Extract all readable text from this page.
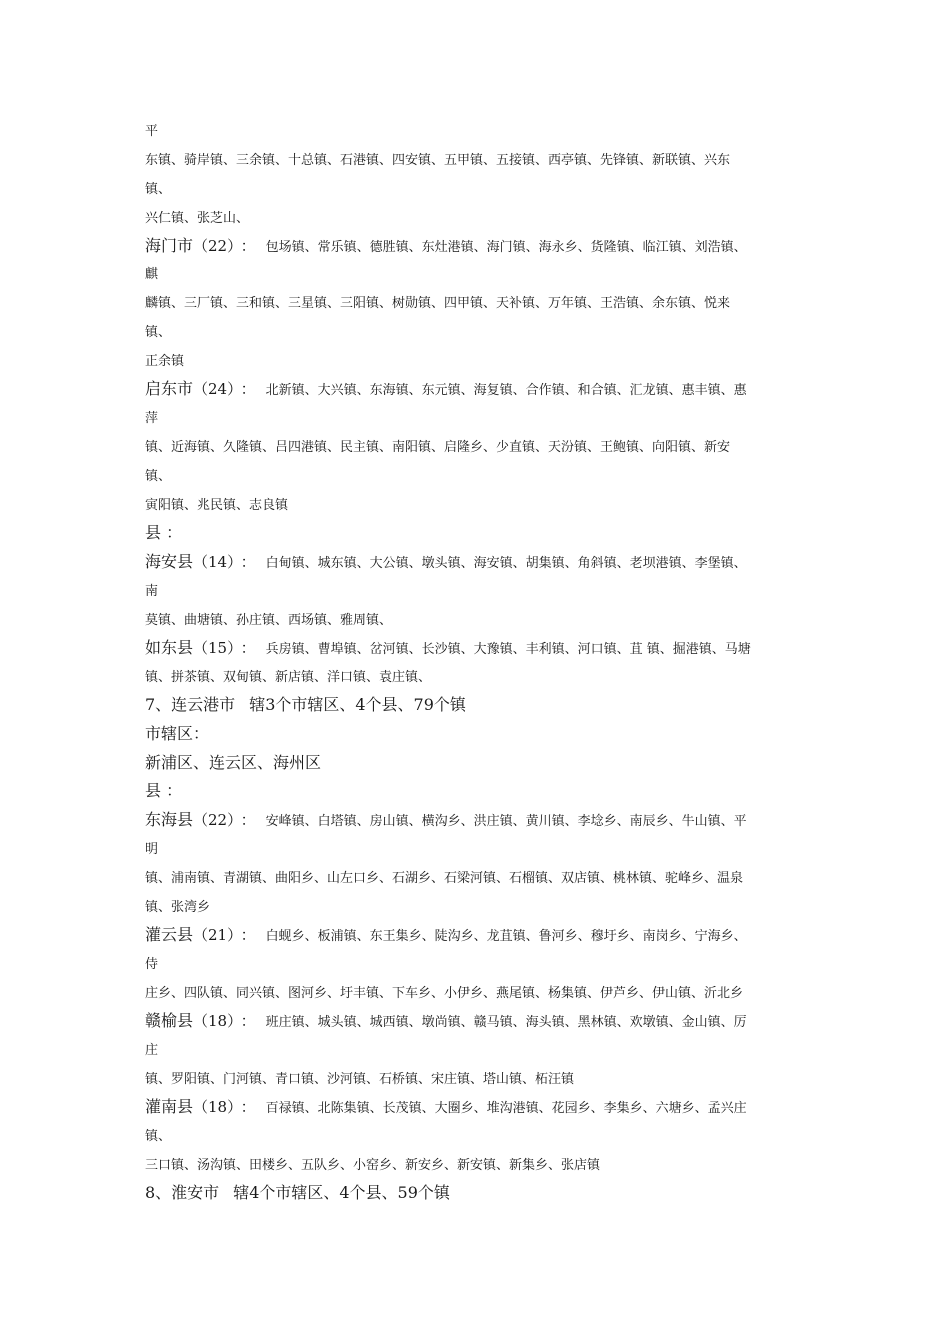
平
东镇、骑岸镇、三余镇、十总镇、石港镇、四安镇、五甲镇、五接镇、西亭镇、先锋镇、新联镇、兴东
镇、
兴仁镇、张芝山、
海门市（22） ： 包场镇、常乐镇、德胜镇、东灶港镇、海门镇、海永乡、货隆镇、临江镇、刘浩镇、
麒
麟镇、三厂镇、三和镇、三星镇、三阳镇、树勋镇、四甲镇、天补镇、万年镇、王浩镇、余东镇、悦来
镇、
正余镇
启东市（24） ： 北新镇、大兴镇、东海镇、东元镇、海复镇、合作镇、和合镇、汇龙镇、惠丰镇、惠
萍
镇、近海镇、久隆镇、吕四港镇、民主镇、南阳镇、启隆乡、少直镇、天汾镇、王鲍镇、向阳镇、新安
镇、
寅阳镇、兆民镇、志良镇
县 ：
海安县（14） ： 白甸镇、城东镇、大公镇、墩头镇、海安镇、胡集镇、角斜镇、老坝港镇、李堡镇、
南
莫镇、曲塘镇、孙庄镇、西场镇、雅周镇、
如东县（15） ： 兵房镇、曹埠镇、岔河镇、长沙镇、大豫镇、丰利镇、河口镇、苴 镇、掘港镇、马塘
镇、拼茶镇、双甸镇、新店镇、洋口镇、袁庄镇、
7、连云港市 辖3个市辖区、4个县、79个镇
市辖区：
新浦区、连云区、海州区
县 ：
东海县（22） ： 安峰镇、白塔镇、房山镇、横沟乡、洪庄镇、黄川镇、李埝乡、南辰乡、牛山镇、平
明
镇、浦南镇、青湖镇、曲阳乡、山左口乡、石湖乡、石梁河镇、石榴镇、双店镇、桃林镇、驼峰乡、温泉
镇、张湾乡
灌云县（21） ： 白蚬乡、板浦镇、东王集乡、陡沟乡、龙苴镇、鲁河乡、穆圩乡、南岗乡、宁海乡、
侍
庄乡、四队镇、同兴镇、图河乡、圩丰镇、下车乡、小伊乡、燕尾镇、杨集镇、伊芦乡、伊山镇、沂北乡
赣榆县（18） ： 班庄镇、城头镇、城西镇、墩尚镇、赣马镇、海头镇、黑林镇、欢墩镇、金山镇、厉
庄
镇、罗阳镇、门河镇、青口镇、沙河镇、石桥镇、宋庄镇、塔山镇、柘汪镇
灌南县（18） ： 百禄镇、北陈集镇、长茂镇、大圈乡、堆沟港镇、花园乡、李集乡、六塘乡、孟兴庄
镇、
三口镇、汤沟镇、田楼乡、五队乡、小窑乡、新安乡、新安镇、新集乡、张店镇
8、淮安市 辖4个市辖区、4个县、59个镇
